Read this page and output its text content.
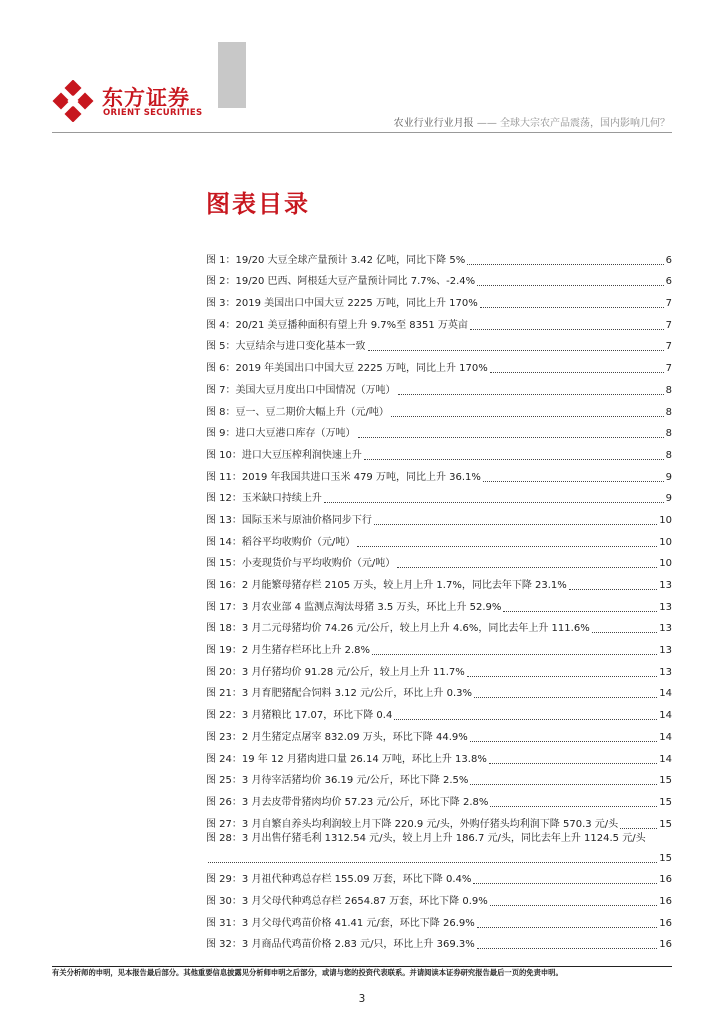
东方证券
ORIENT SECURITIES
农业行业行业月报 —— 全球大宗农产品震荡，国内影响几何？
图表目录
图 1：19/20 大豆全球产量预计 3.42 亿吨，同比下降 5%	6
图 2：19/20 巴西、阿根廷大豆产量预计同比 7.7%、-2.4%	6
图 3：2019 美国出口中国大豆 2225 万吨，同比上升 170%	7
图 4：20/21 美豆播种面积有望上升 9.7%至 8351 万英亩	7
图 5：大豆结余与进口变化基本一致	7
图 6：2019 年美国出口中国大豆 2225 万吨，同比上升 170%	7
图 7：美国大豆月度出口中国情况（万吨）	8
图 8：豆一、豆二期价大幅上升（元/吨）	8
图 9：进口大豆港口库存（万吨）	8
图 10：进口大豆压榨利润快速上升	8
图 11：2019 年我国共进口玉米 479 万吨，同比上升 36.1%	9
图 12：玉米缺口持续上升	9
图 13：国际玉米与原油价格同步下行	10
图 14：稻谷平均收购价（元/吨）	10
图 15：小麦现货价与平均收购价（元/吨）	10
图 16：2 月能繁母猪存栏 2105 万头，较上月上升 1.7%，同比去年下降 23.1%	13
图 17：3 月农业部 4 监测点淘汰母猪 3.5 万头，环比上升 52.9%	13
图 18：3 月二元母猪均价 74.26 元/公斤，较上月上升 4.6%，同比去年上升 111.6%	13
图 19：2 月生猪存栏环比上升 2.8%	13
图 20：3 月仔猪均价 91.28 元/公斤，较上月上升 11.7%	13
图 21：3 月育肥猪配合饲料 3.12 元/公斤，环比上升 0.3%	14
图 22：3 月猪粮比 17.07，环比下降 0.4	14
图 23：2 月生猪定点屠宰 832.09 万头，环比下降 44.9%	14
图 24：19 年 12 月猪肉进口量 26.14 万吨，环比上升 13.8%	14
图 25：3 月待宰活猪均价 36.19 元/公斤，环比下降 2.5%	15
图 26：3 月去皮带骨猪肉均价 57.23 元/公斤，环比下降 2.8%	15
图 27：3 月自繁自养头均利润较上月下降 220.9 元/头，外购仔猪头均利润下降 570.3 元/头	15
图 28：3 月出售仔猪毛利 1312.54 元/头，较上月上升 186.7 元/头，同比去年上升 1124.5 元/头
15
图 29：3 月祖代种鸡总存栏 155.09 万套，环比下降 0.4%	16
图 30：3 月父母代种鸡总存栏 2654.87 万套，环比下降 0.9%	16
图 31：3 月父母代鸡苗价格 41.41 元/套，环比下降 26.9%	16
图 32：3 月商品代鸡苗价格 2.83 元/只，环比上升 369.3%	16
有关分析师的申明，见本报告最后部分。其他重要信息披露见分析师申明之后部分，或请与您的投资代表联系。并请阅读本证券研究报告最后一页的免责申明。
3
